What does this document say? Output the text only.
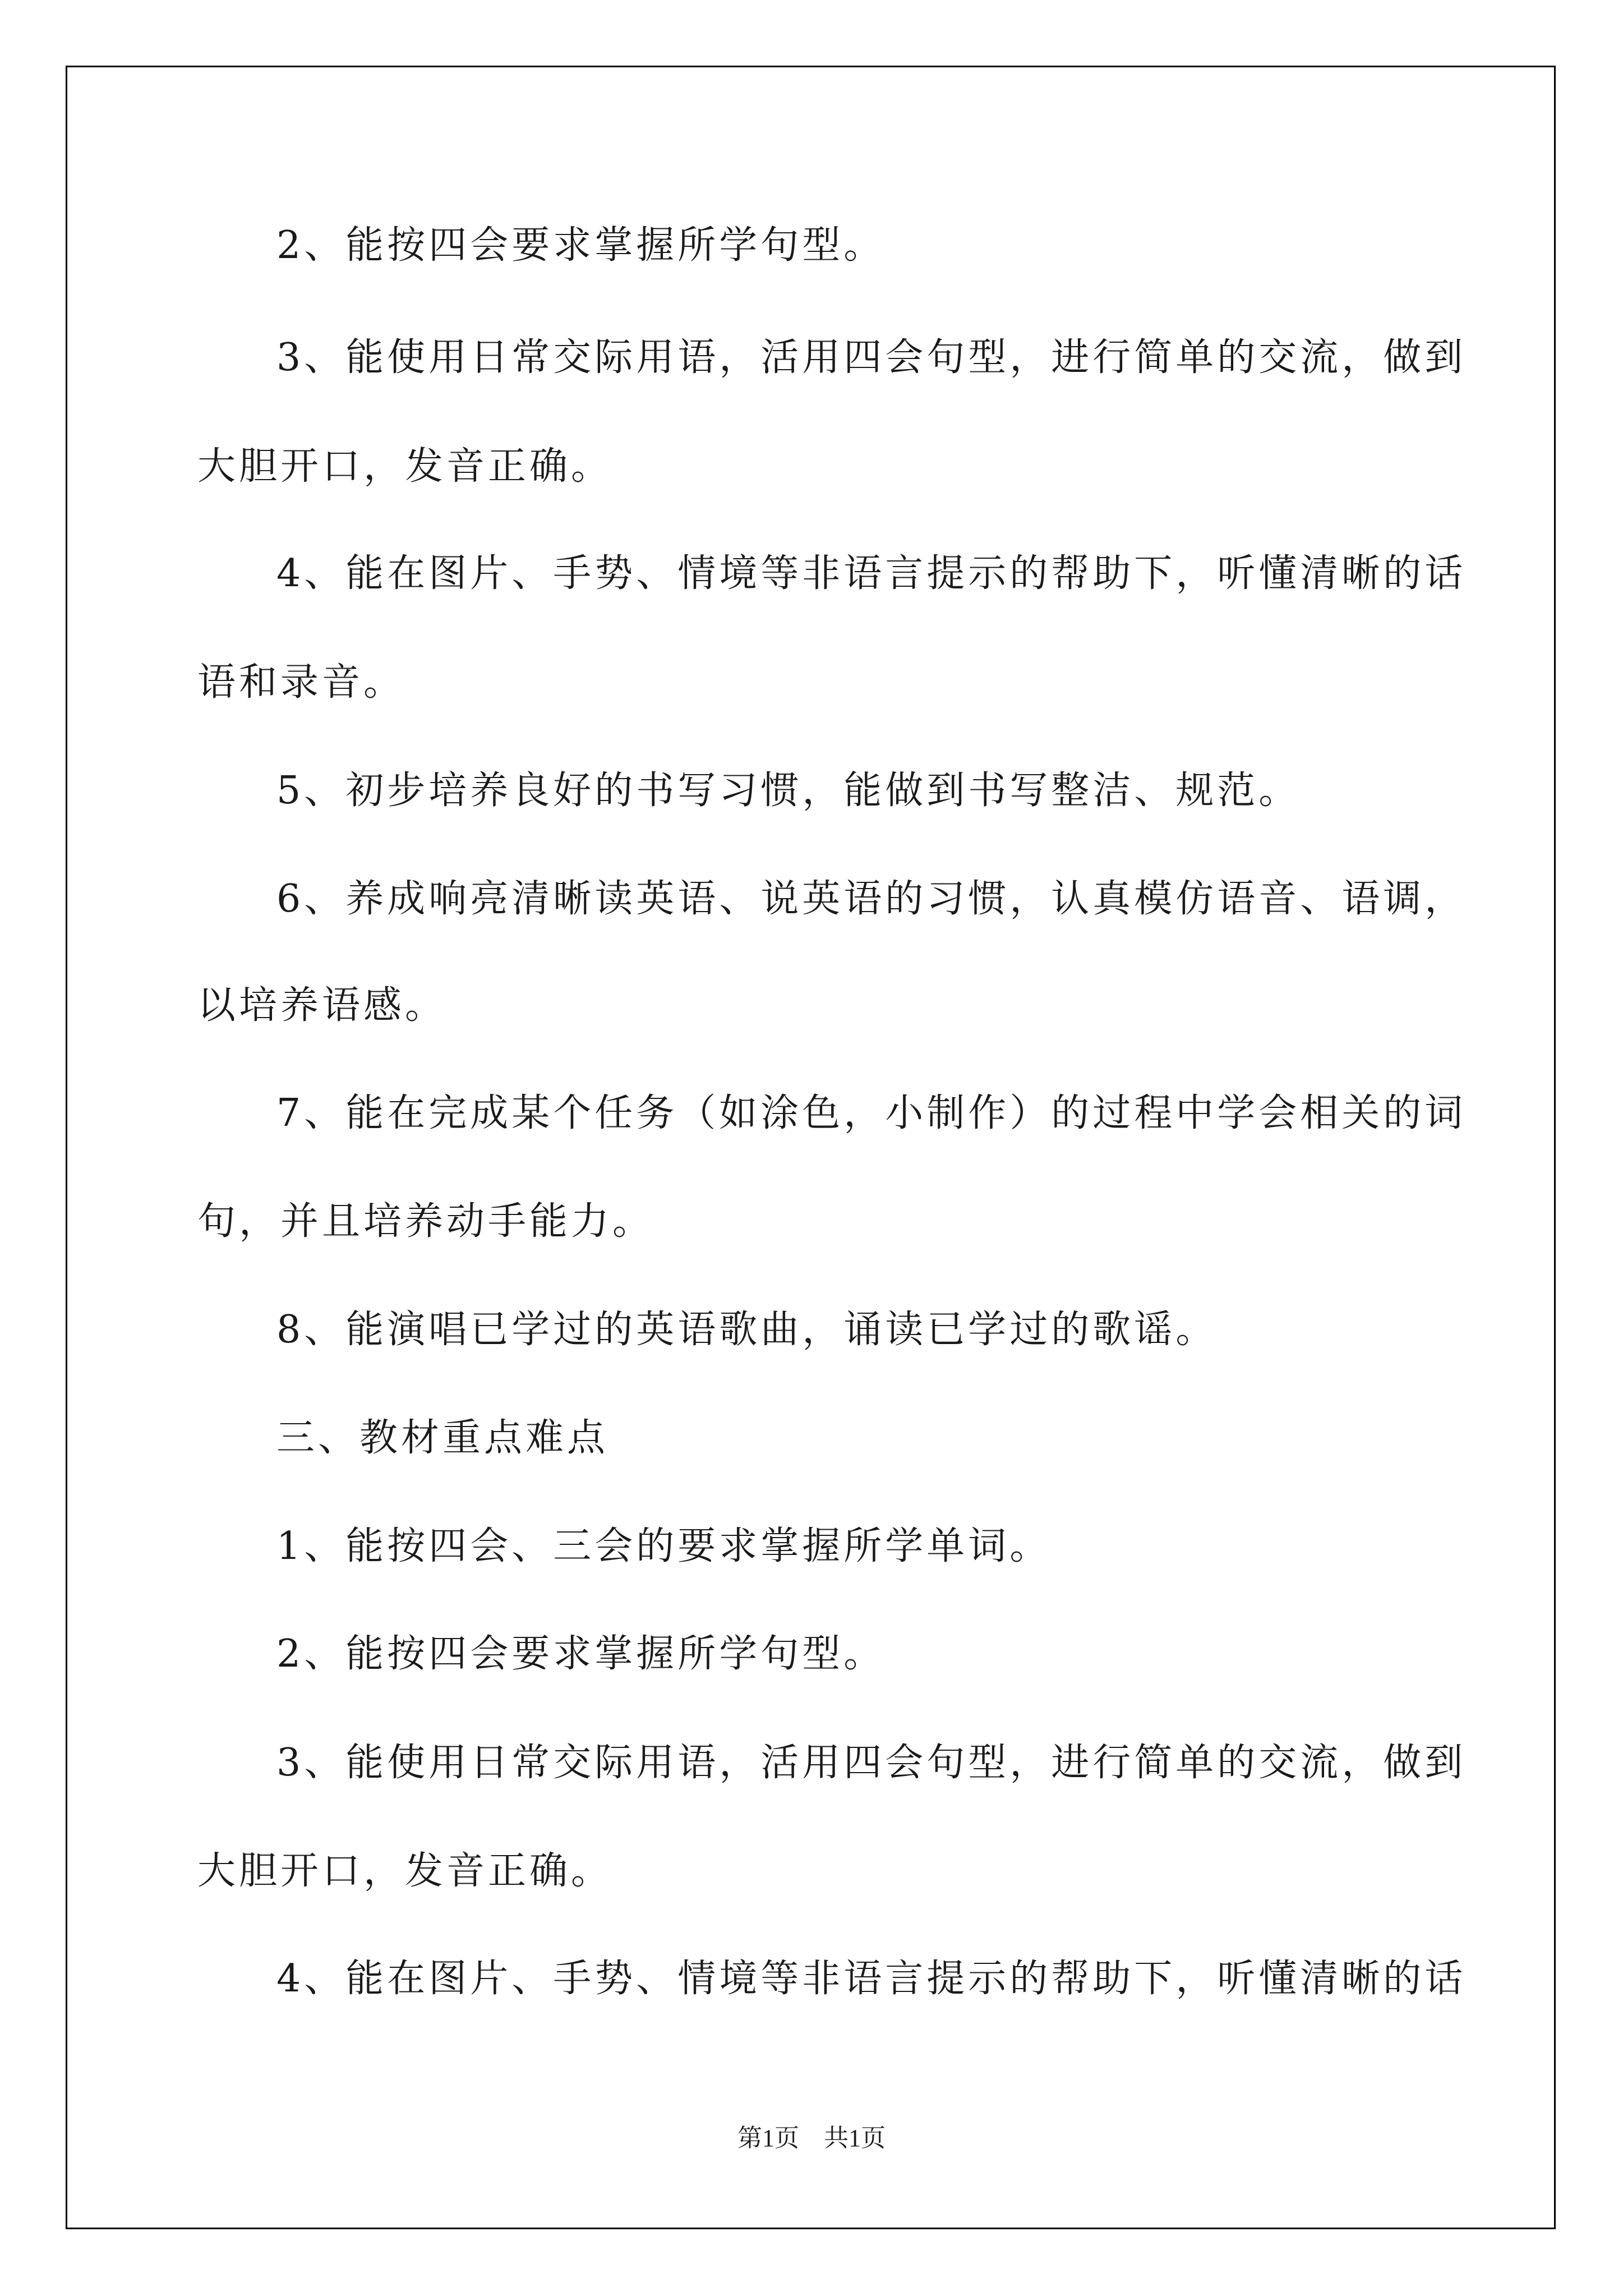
2、能按四会要求掌握所学句型。
3、能使用日常交际用语，活用四会句型，进行简单的交流，做到
大胆开口，发音正确。
4、能在图片、手势、情境等非语言提示的帮助下，听懂清晰的话
语和录音。
5、初步培养良好的书写习惯，能做到书写整洁、规范。
6、养成响亮清晰读英语、说英语的习惯，认真模仿语音、语调，
以培养语感。
7、能在完成某个任务（如涂色，小制作）的过程中学会相关的词
句，并且培养动手能力。
8、能演唱已学过的英语歌曲，诵读已学过的歌谣。
三、教材重点难点
1、能按四会、三会的要求掌握所学单词。
2、能按四会要求掌握所学句型。
3、能使用日常交际用语，活用四会句型，进行简单的交流，做到
大胆开口，发音正确。
4、能在图片、手势、情境等非语言提示的帮助下，听懂清晰的话
第1页　共1页
